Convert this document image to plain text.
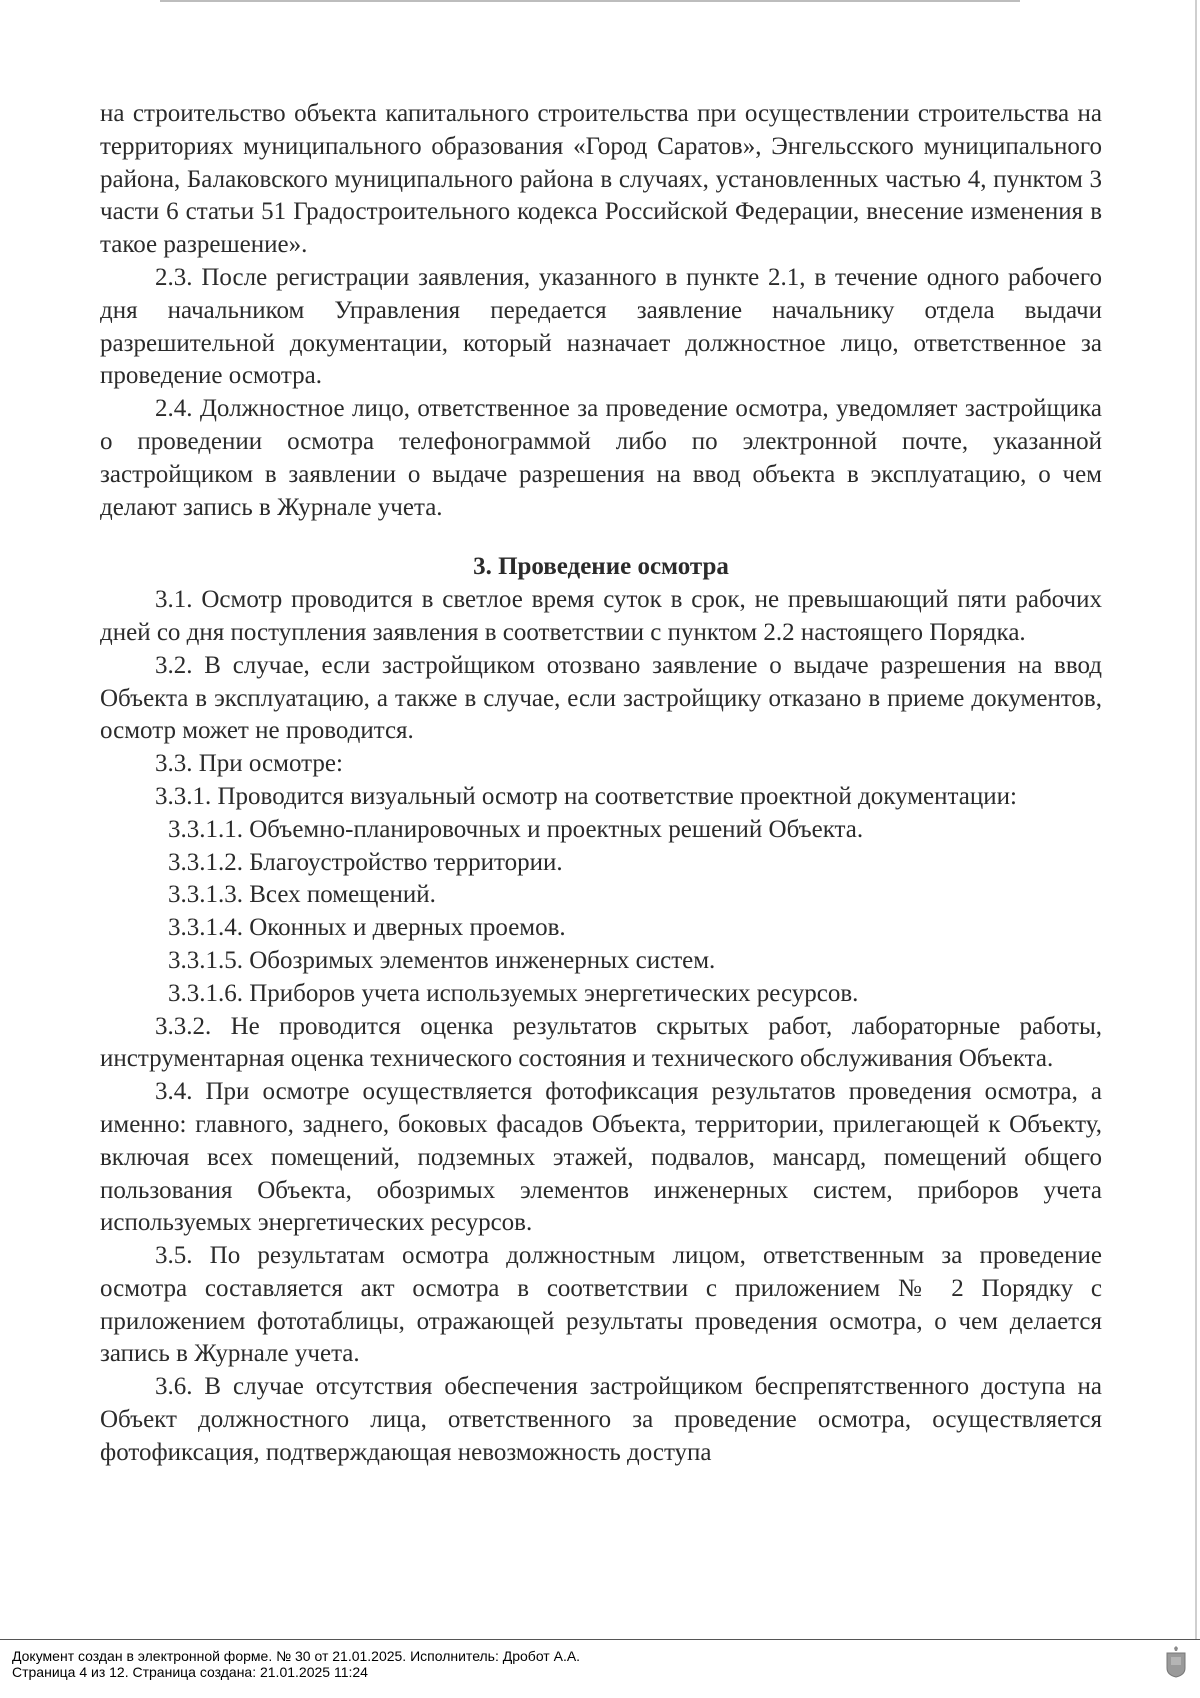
на строительство объекта капитального строительства при осуществлении строительства на территориях муниципального образования «Город Саратов», Энгельсского муниципального района, Балаковского муниципального района в случаях, установленных частью 4, пунктом 3 части 6 статьи 51 Градостроительного кодекса Российской Федерации, внесение изменения в такое разрешение».

2.3. После регистрации заявления, указанного в пункте 2.1, в течение одного рабочего дня начальником Управления передается заявление начальнику отдела выдачи разрешительной документации, который назначает должностное лицо, ответственное за проведение осмотра.

2.4. Должностное лицо, ответственное за проведение осмотра, уведомляет застройщика о проведении осмотра телефонограммой либо по электронной почте, указанной застройщиком в заявлении о выдаче разрешения на ввод объекта в эксплуатацию, о чем делают запись в Журнале учета.

3. Проведение осмотра

3.1. Осмотр проводится в светлое время суток в срок, не превышающий пяти рабочих дней со дня поступления заявления в соответствии с пунктом 2.2 настоящего Порядка.

3.2. В случае, если застройщиком отозвано заявление о выдаче разрешения на ввод Объекта в эксплуатацию, а также в случае, если застройщику отказано в приеме документов, осмотр может не проводится.

3.3. При осмотре:

3.3.1. Проводится визуальный осмотр на соответствие проектной документации:

3.3.1.1. Объемно-планировочных и проектных решений Объекта.

3.3.1.2. Благоустройство территории.

3.3.1.3. Всех помещений.

3.3.1.4. Оконных и дверных проемов.

3.3.1.5. Обозримых элементов инженерных систем.

3.3.1.6. Приборов учета используемых энергетических ресурсов.

3.3.2. Не проводится оценка результатов скрытых работ, лабораторные работы, инструментарная оценка технического состояния и технического обслуживания Объекта.

3.4. При осмотре осуществляется фотофиксация результатов проведения осмотра, а именно: главного, заднего, боковых фасадов Объекта, территории, прилегающей к Объекту, включая всех помещений, подземных этажей, подвалов, мансард, помещений общего пользования Объекта, обозримых элементов инженерных систем, приборов учета используемых энергетических ресурсов.

3.5. По результатам осмотра должностным лицом, ответственным за проведение осмотра составляется акт осмотра в соответствии с приложением № 2 Порядку с приложением фототаблицы, отражающей результаты проведения осмотра, о чем делается запись в Журнале учета.

3.6. В случае отсутствия обеспечения застройщиком беспрепятственного доступа на Объект должностного лица, ответственного за проведение осмотра, осуществляется фотофиксация, подтверждающая невозможность доступа

Документ создан в электронной форме. № 30 от 21.01.2025. Исполнитель: Дробот А.А.
Страница 4 из 12. Страница создана: 21.01.2025 11:24
